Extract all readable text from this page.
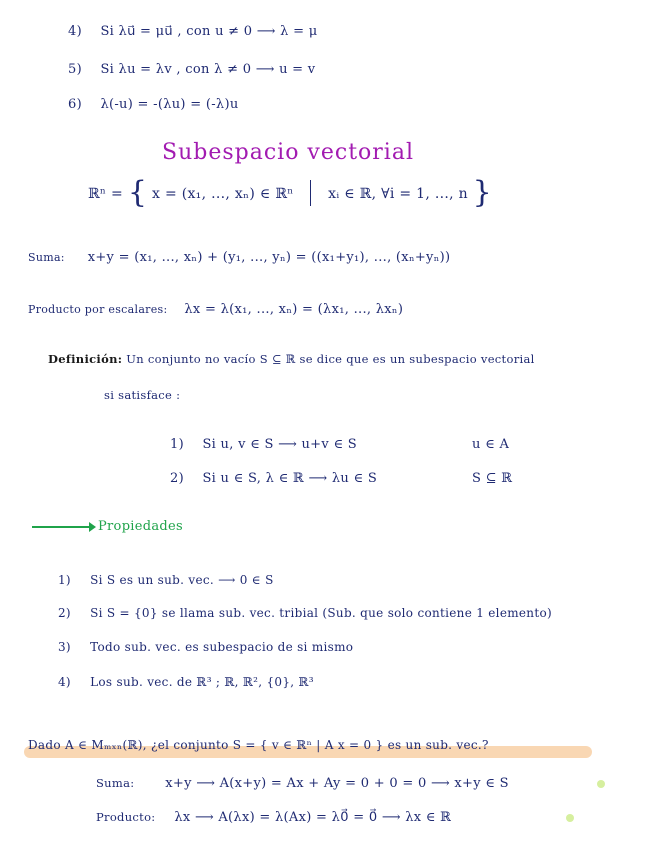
4) Si λu⃗ = μu⃗ , con u ≠ 0 ⟶ λ = μ
5) Si λu = λv , con λ ≠ 0 ⟶ u = v
6) λ(-u) = -(λu) = (-λ)u
Subespacio vectorial
ℝⁿ = { x = (x₁, ..., xₙ) ∈ ℝⁿ xᵢ ∈ ℝ, ∀i = 1, ..., n }
Suma: x+y = (x₁, ..., xₙ) + (y₁, ..., yₙ) = ((x₁+y₁), ..., (xₙ+yₙ))
Producto por escalares: λx = λ(x₁, ..., xₙ) = (λx₁, ..., λxₙ)
Definición: Un conjunto no vacío S ⊆ ℝ se dice que es un subespacio vectorial
si satisface :
1) Si u, v ∈ S ⟶ u+v ∈ S	u ∈ A
2) Si u ∈ S, λ ∈ ℝ ⟶ λu ∈ S	S ⊆ ℝ
Propiedades
1) Si S es un sub. vec. ⟶ 0 ∈ S
2) Si S = {0} se llama sub. vec. tribial (Sub. que solo contiene 1 elemento)
3) Todo sub. vec. es subespacio de si mismo
4) Los sub. vec. de ℝ³ ; ℝ, ℝ², {0}, ℝ³
Dado A ∈ Mₘₓₙ(ℝ), ¿el conjunto S = { v ∈ ℝⁿ | A x = 0 } es un sub. vec.?
Suma: x+y ⟶ A(x+y) = Ax + Ay = 0 + 0 = 0 ⟶ x+y ∈ S
Producto: λx ⟶ A(λx) = λ(Ax) = λ0⃗ = 0⃗ ⟶ λx ∈ ℝ
